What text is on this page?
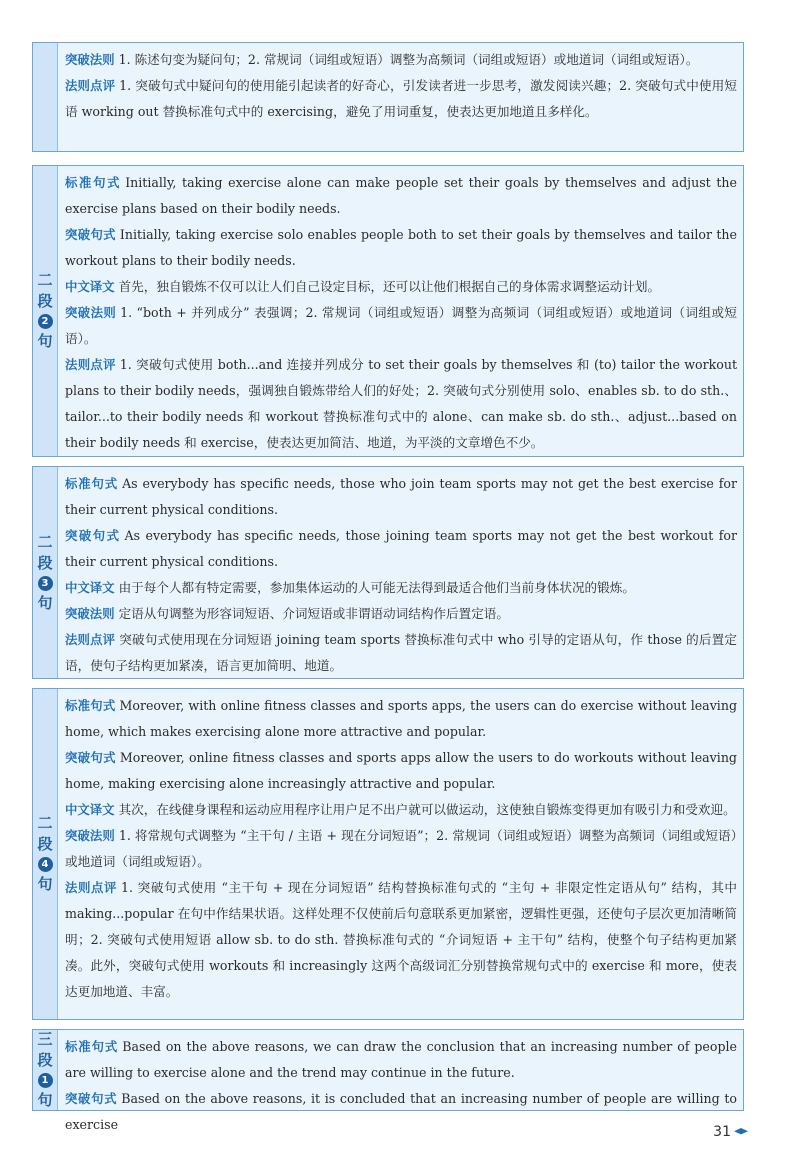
突破法则 1. 陈述句变为疑问句；2. 常规词（词组或短语）调整为高频词（词组或短语）或地道词（词组或短语）。

法则点评 1. 突破句式中疑问句的使用能引起读者的好奇心，引发读者进一步思考，激发阅读兴趣；2. 突破句式中使用短语 working out 替换标准句式中的 exercising，避免了用词重复，使表达更加地道且多样化。

二
段
2
句

标准句式 Initially, taking exercise alone can make people set their goals by themselves and adjust the exercise plans based on their bodily needs.

突破句式 Initially, taking exercise solo enables people both to set their goals by themselves and tailor the workout plans to their bodily needs.

中文译文 首先，独自锻炼不仅可以让人们自己设定目标，还可以让他们根据自己的身体需求调整运动计划。

突破法则 1. “both + 并列成分” 表强调；2. 常规词（词组或短语）调整为高频词（词组或短语）或地道词（词组或短语）。

法则点评 1. 突破句式使用 both...and 连接并列成分 to set their goals by themselves 和 (to) tailor the workout plans to their bodily needs，强调独自锻炼带给人们的好处；2. 突破句式分别使用 solo、enables sb. to do sth.、tailor...to their bodily needs 和 workout 替换标准句式中的 alone、can make sb. do sth.、adjust...based on their bodily needs 和 exercise，使表达更加简洁、地道，为平淡的文章增色不少。

二
段
3
句

标准句式 As everybody has specific needs, those who join team sports may not get the best exercise for their current physical conditions.

突破句式 As everybody has specific needs, those joining team sports may not get the best workout for their current physical conditions.

中文译文 由于每个人都有特定需要，参加集体运动的人可能无法得到最适合他们当前身体状况的锻炼。

突破法则 定语从句调整为形容词短语、介词短语或非谓语动词结构作后置定语。

法则点评 突破句式使用现在分词短语 joining team sports 替换标准句式中 who 引导的定语从句，作 those 的后置定语，使句子结构更加紧凑，语言更加简明、地道。

二
段
4
句

标准句式 Moreover, with online fitness classes and sports apps, the users can do exercise without leaving home, which makes exercising alone more attractive and popular.

突破句式 Moreover, online fitness classes and sports apps allow the users to do workouts without leaving home, making exercising alone increasingly attractive and popular.

中文译文 其次，在线健身课程和运动应用程序让用户足不出户就可以做运动，这使独自锻炼变得更加有吸引力和受欢迎。

突破法则 1. 将常规句式调整为 “主干句 / 主语 + 现在分词短语”；2. 常规词（词组或短语）调整为高频词（词组或短语）或地道词（词组或短语）。

法则点评 1. 突破句式使用 “主干句 + 现在分词短语” 结构替换标准句式的 “主句 + 非限定性定语从句” 结构，其中 making...popular 在句中作结果状语。这样处理不仅使前后句意联系更加紧密，逻辑性更强，还使句子层次更加清晰简明；2. 突破句式使用短语 allow sb. to do sth. 替换标准句式的 “介词短语 + 主干句” 结构，使整个句子结构更加紧凑。此外，突破句式使用 workouts 和 increasingly 这两个高级词汇分别替换常规句式中的 exercise 和 more，使表达更加地道、丰富。

三
段
1
句

标准句式 Based on the above reasons, we can draw the conclusion that an increasing number of people are willing to exercise alone and the trend may continue in the future.

突破句式 Based on the above reasons, it is concluded that an increasing number of people are willing to exercise	31
